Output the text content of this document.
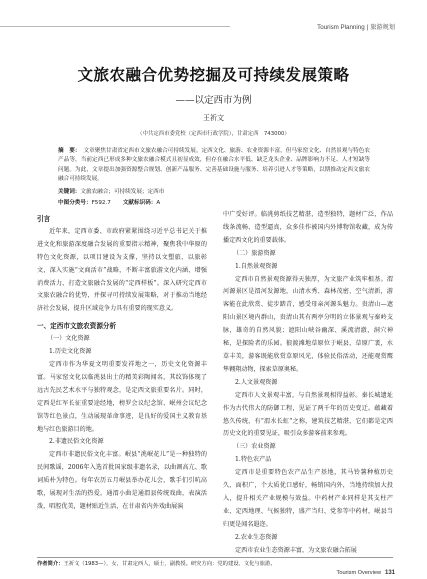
Tourism Planning | 旅游规划
文旅农融合优势挖掘及可持续发展策略
——以定西市为例
王祈文
（中共定西市委党校（定西市行政学院），甘肃定西　743000）
摘　要： 文章聚焦甘肃省定西市文旅农融合可持续发展。定西文化、旅游、农业资源丰富，但马家窑文化、自然景观与特色农产品等，当前定西已形成多种文旅农融合模式且初显成效，但存在融合水平低、缺乏龙头企业、品牌影响力不足、人才短缺等问题。为此，文章提出加强资源整合规划、创新产品服务、完善基础设施与服务、培养引进人才等策略，以期推动定西文旅农融合可持续发展。
关键词：文旅农融合；可持续发展；定西市
中图分类号：F592.7 文献标识码：A
引言

近年来，定西市委、市政府紧紧围绕习近平总书记关于推进文化和旅游深度融合发展的重要指示精神，聚焦我中华原的特色文化资源，以项目建设为支撑，坚持以文塑旅、以旅彰文，深入实施“文商活市”战略，不断丰富旅游文化内涵、增强消费活力，打造文旅融合发展的“定西样板”。深入研究定西市文旅农融合的优势，并探寻可持续发展策略，对于推动当地经济社会发展，提升区域竞争力具有重要的现实意义。

一、定西市文旅农资源分析
（一）文化资源
1.历史文化资源

定西市作为华夏文明重要发祥地之一，历史文化资源丰富。马家窑文化以临洮县出土的精美彩陶闻名，其纹饰体现了远古先民艺术水平与独特观念，是定西文旅重要名片。同时，定西是红军长征重要途经地，榜罗会议纪念馆、岷州会议纪念馆等红色景点，生动展现革命事迹，是良好的爱国主义教育基地与红色旅游目的地。

2.非遗民俗文化资源

定西市非遗民俗文化丰富。岷县“洮岷花儿”是一种独特的民间歌谣，2006年入选首批国家级非遗名录，以曲调高亢、歌词质朴为特色。每年农历五月岷县举办花儿会，歌手们引吭高歌，展现对生活的热爱。通渭小曲是通渭县传统戏曲，表演活泼，唱腔优美，题材贴近生活，在甘肃省内外戏曲展演

中广受好评。临洮剪纸技艺精湛，造型独特，题材广泛，作品线条流畅、造型逼真，众多佳作被国内外博物馆收藏，成为传播定西文化的重要载体。

（二）旅游资源
1.自然景观资源

定西市自然景观资源得天独厚，为文旅产业筑牢根基。渭河源景区是渭河发源地，山清水秀、森林茂密，空气清新，游客能在此欣赏、徒步踏青，感受母亲河源头魅力。贵清山—遮阳山景区境内群山，贵清山其有两亭分明的立体景观与秦岭支脉，雄奇的自然风貌；遮阳山峡谷幽深、溪流清澈，洞穴神秘，是探险者的乐园。狼渡滩地草原位于岷县，草原广袤，水草丰美，游客既能欣赏草原风光，体验民俗活动，还能观赏鹰隼翱翔动物，探索草原奥秘。

2.人文景观资源

定西市人文景观丰富，与自然景观相得益彰。秦长城遗址作为古代伟大的防御工程，见证了两千年的历史变迁。蕴藏着悠久传统，有“渭水长虹”之称，建筑技艺精湛，它们都是定西历史文化的重要见证，吸引众多游客前来参观。

（三）农业资源
1.特色农产品

定西市是重要特色农产品生产基地，其马铃薯种植历史久、面积广，个大质优口感好，畅销国内外，当地持续加大投入，提升相关产业规模与效益。中药材产业同样是其支柱产业，定西地理、气候独特，盛产当归、党参等中药材，岷县当归更是闻名遐迩。

2.农业生态资源

定西市农业生态资源丰富，为文旅农融合拓展

作者简介：王祈文（1983—），女，甘肃定西人，硕士，副教授。研究方向：党的建设、文化与旅游。
Tourism Overview 131
